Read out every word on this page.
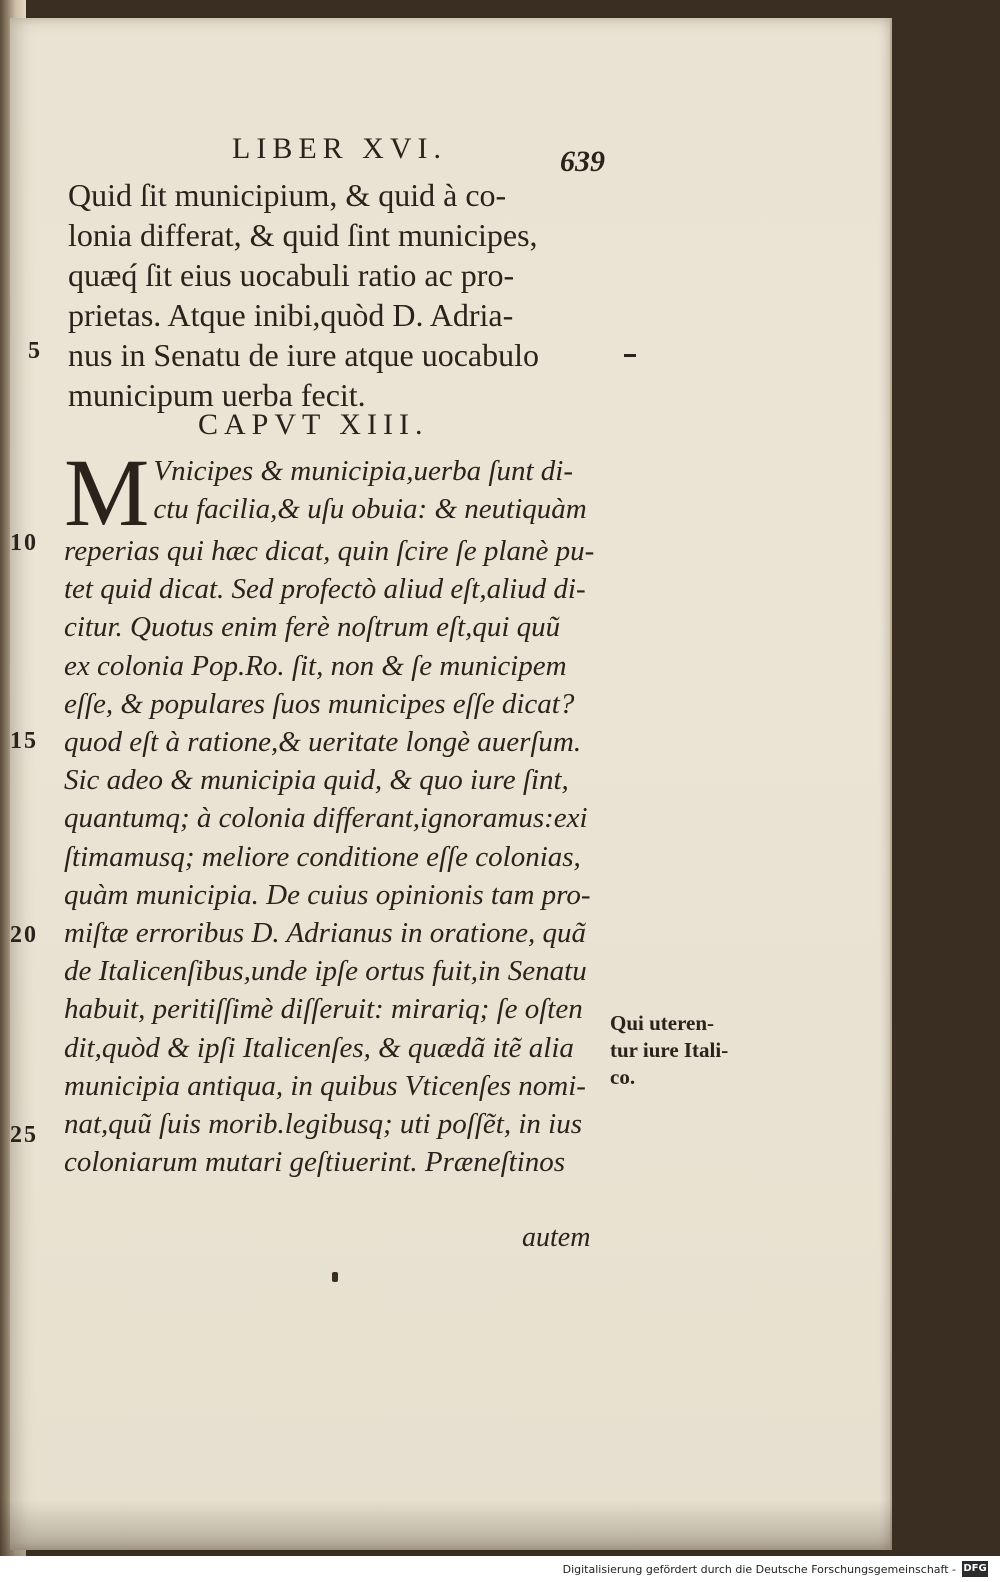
LIBER XVI.	639
Quid ſit municipium, & quid à co-
lonia differat, & quid ſint municipes,
quæq́ ſit eius uocabuli ratio ac pro-
prietas. Atque inibi,quòd D. Adria-
nus in Senatu de iure atque uocabulo
municipum uerba fecit.
CAPVT XIII.
M Vnicipes & municipia,uerba ſunt di-
ctu facilia,& uſu obuia: & neutiquàm
reperias qui hæc dicat, quin ſcire ſe planè pu-
tet quid dicat. Sed profectò aliud eſt,aliud di-
citur. Quotus enim ferè noſtrum eſt,qui quũ
ex colonia Pop.Ro. ſit, non & ſe municipem
eſſe, & populares ſuos municipes eſſe dicat?
quod eſt à ratione,& ueritate longè auerſum.
Sic adeo & municipia quid, & quo iure ſint,
quantumq; à colonia differant,ignoramus:exi
ſtimamusq; meliore conditione eſſe colonias,
quàm municipia. De cuius opinionis tam pro-
miſtæ erroribus D. Adrianus in oratione, quã
de Italicenſibus,unde ipſe ortus fuit,in Senatu
habuit, peritiſſimè diſſeruit: mirariq; ſe oſten
dit,quòd & ipſi Italicenſes, & quædã itẽ alia
municipia antiqua, in quibus Vticenſes nomi-
nat,quũ ſuis morib.legibusq; uti poſſẽt, in ius
coloniarum mutari geſtiuerint. Præneſtinos
5
10
15
20
25
Qui uteren-
tur iure Itali-
co.
autem
Digitalisierung gefördert durch die Deutsche Forschungsgemeinschaft - DFG
